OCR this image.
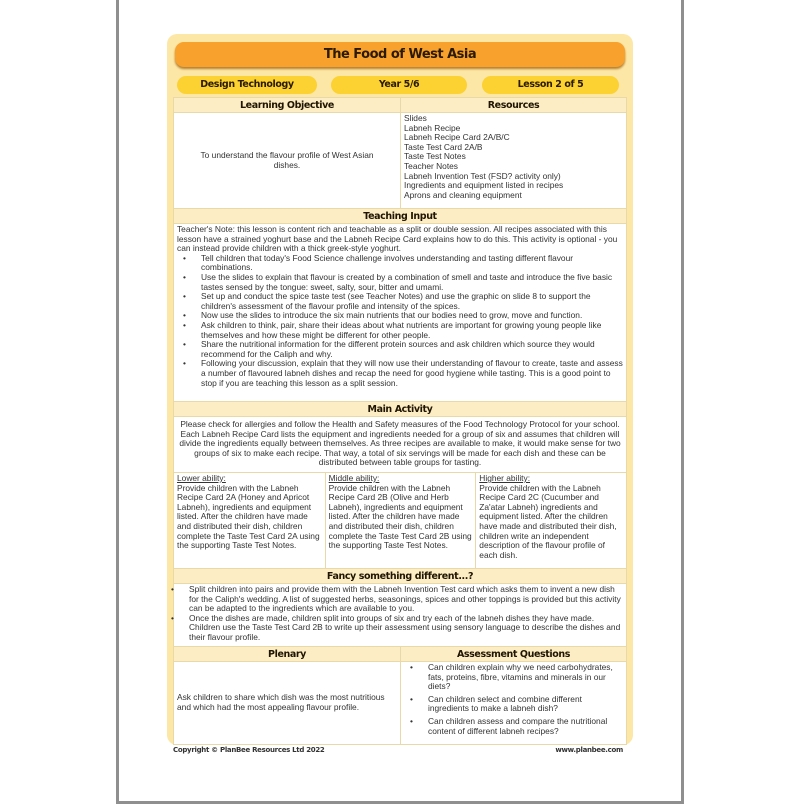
The Food of West Asia
Design Technology	Year 5/6	Lesson 2 of 5
Learning Objective	Resources
To understand the flavour profile of West Asian dishes.
Slides
Labneh Recipe
Labneh Recipe Card 2A/B/C
Taste Test Card 2A/B
Taste Test Notes
Teacher Notes
Labneh Invention Test (FSD? activity only)
Ingredients and equipment listed in recipes
Aprons and cleaning equipment
Teaching Input
Teacher's Note: this lesson is content rich and teachable as a split or double session. All recipes associated with this lesson have a strained yoghurt base and the Labneh Recipe Card explains how to do this. This activity is optional - you can instead provide children with a thick greek-style yoghurt.
• Tell children that today's Food Science challenge involves understanding and tasting different flavour combinations.
• Use the slides to explain that flavour is created by a combination of smell and taste and introduce the five basic tastes sensed by the tongue: sweet, salty, sour, bitter and umami.
• Set up and conduct the spice taste test (see Teacher Notes) and use the graphic on slide 8 to support the children's assessment of the flavour profile and intensity of the spices.
• Now use the slides to introduce the six main nutrients that our bodies need to grow, move and function.
• Ask children to think, pair, share their ideas about what nutrients are important for growing young people like themselves and how these might be different for other people.
• Share the nutritional information for the different protein sources and ask children which source they would recommend for the Caliph and why.
• Following your discussion, explain that they will now use their understanding of flavour to create, taste and assess a number of flavoured labneh dishes and recap the need for good hygiene while tasting. This is a good point to stop if you are teaching this lesson as a split session.
Main Activity
Please check for allergies and follow the Health and Safety measures of the Food Technology Protocol for your school. Each Labneh Recipe Card lists the equipment and ingredients needed for a group of six and assumes that children will divide the ingredients equally between themselves. As three recipes are available to make, it would make sense for two groups of six to make each recipe. That way, a total of six servings will be made for each dish and these can be distributed between table groups for tasting.
Lower ability:
Provide children with the Labneh Recipe Card 2A (Honey and Apricot Labneh), ingredients and equipment listed. After the children have made and distributed their dish, children complete the Taste Test Card 2A using the supporting Taste Test Notes.
Middle ability:
Provide children with the Labneh Recipe Card 2B (Olive and Herb Labneh), ingredients and equipment listed. After the children have made and distributed their dish, children complete the Taste Test Card 2B using the supporting Taste Test Notes.
Higher ability:
Provide children with the Labneh Recipe Card 2C (Cucumber and Za'atar Labneh) ingredients and equipment listed. After the children have made and distributed their dish, children write an independent description of the flavour profile of each dish.
Fancy something different...?
• Split children into pairs and provide them with the Labneh Invention Test card which asks them to invent a new dish for the Caliph's wedding. A list of suggested herbs, seasonings, spices and other toppings is provided but this activity can be adapted to the ingredients which are available to you.
• Once the dishes are made, children split into groups of six and try each of the labneh dishes they have made. Children use the Taste Test Card 2B to write up their assessment using sensory language to describe the dishes and their flavour profile.
Plenary	Assessment Questions
Ask children to share which dish was the most nutritious and which had the most appealing flavour profile.
• Can children explain why we need carbohydrates, fats, proteins, fibre, vitamins and minerals in our diets?
• Can children select and combine different ingredients to make a labneh dish?
• Can children assess and compare the nutritional content of different labneh recipes?
Copyright © PlanBee Resources Ltd 2022	www.planbee.com
